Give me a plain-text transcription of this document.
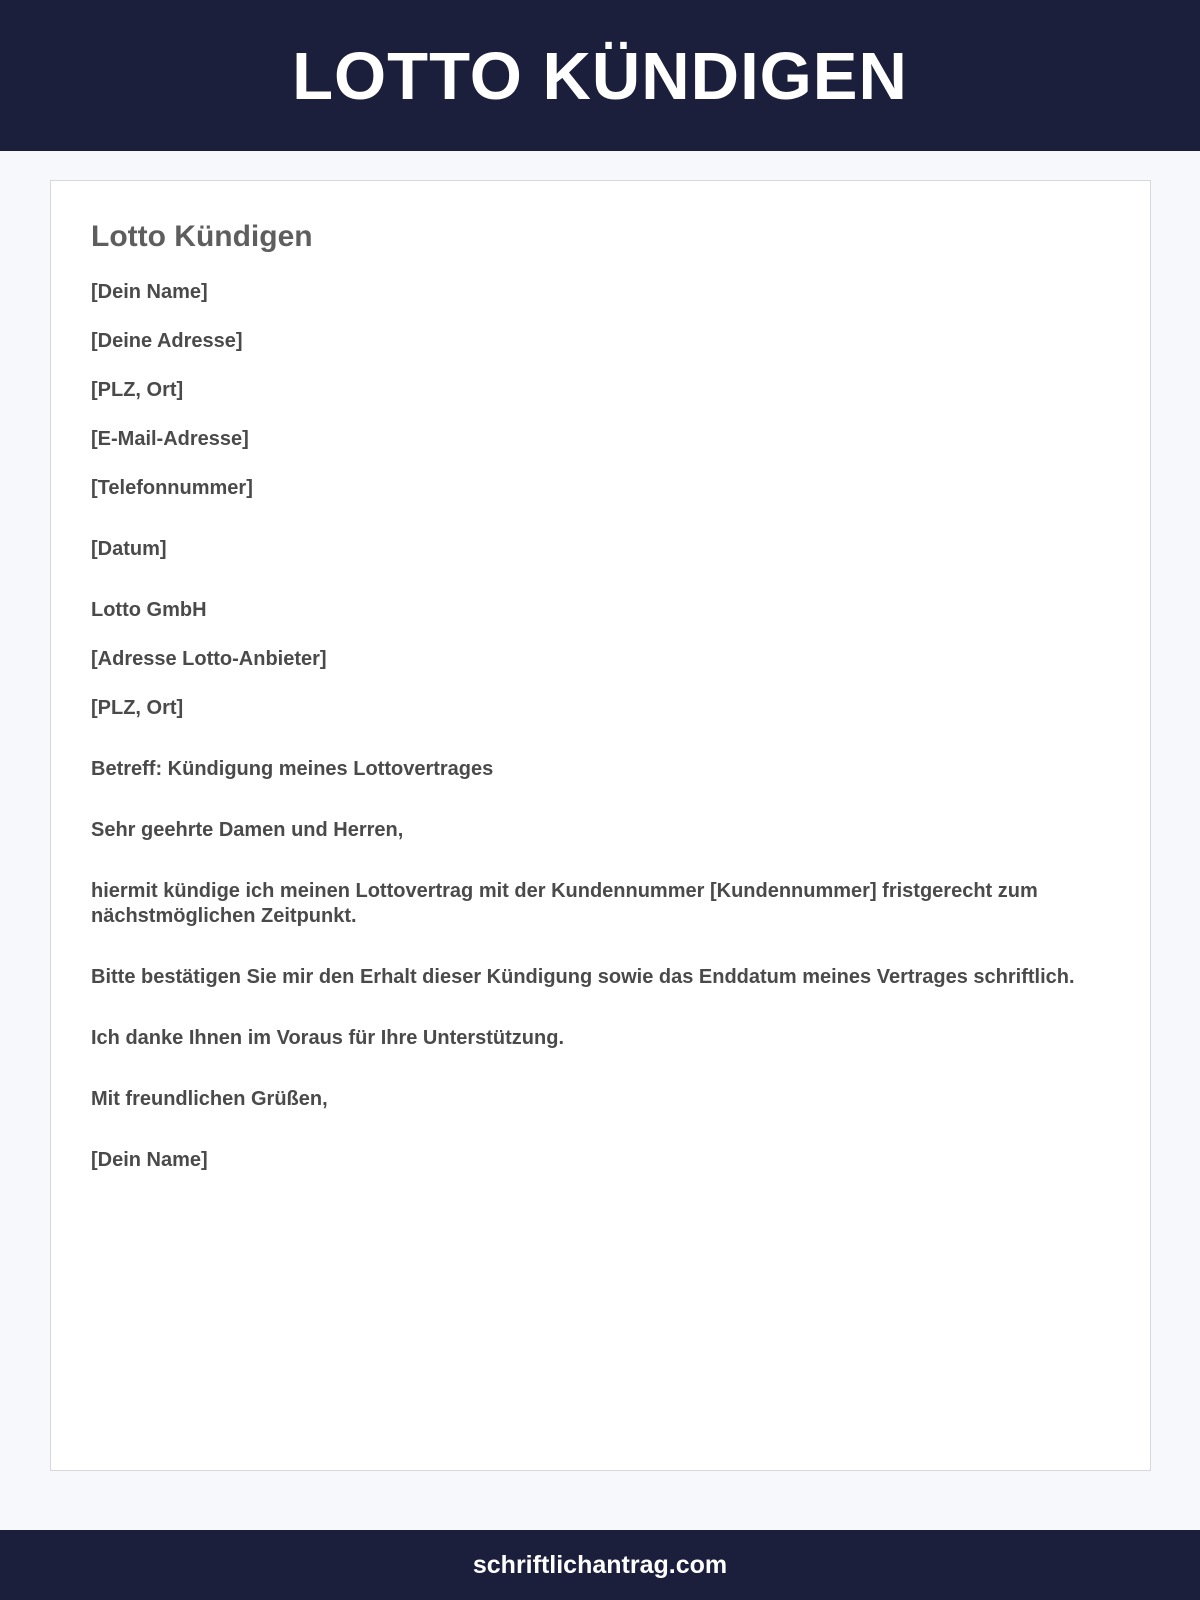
LOTTO KÜNDIGEN
Lotto Kündigen

[Dein Name]

[Deine Adresse]

[PLZ, Ort]

[E-Mail-Adresse]

[Telefonnummer]

[Datum]

Lotto GmbH

[Adresse Lotto-Anbieter]

[PLZ, Ort]

Betreff: Kündigung meines Lottovertrages

Sehr geehrte Damen und Herren,

hiermit kündige ich meinen Lottovertrag mit der Kundennummer [Kundennummer] fristgerecht zum nächstmöglichen Zeitpunkt.

Bitte bestätigen Sie mir den Erhalt dieser Kündigung sowie das Enddatum meines Vertrages schriftlich.

Ich danke Ihnen im Voraus für Ihre Unterstützung.

Mit freundlichen Grüßen,

[Dein Name]

schriftlichantrag.com
